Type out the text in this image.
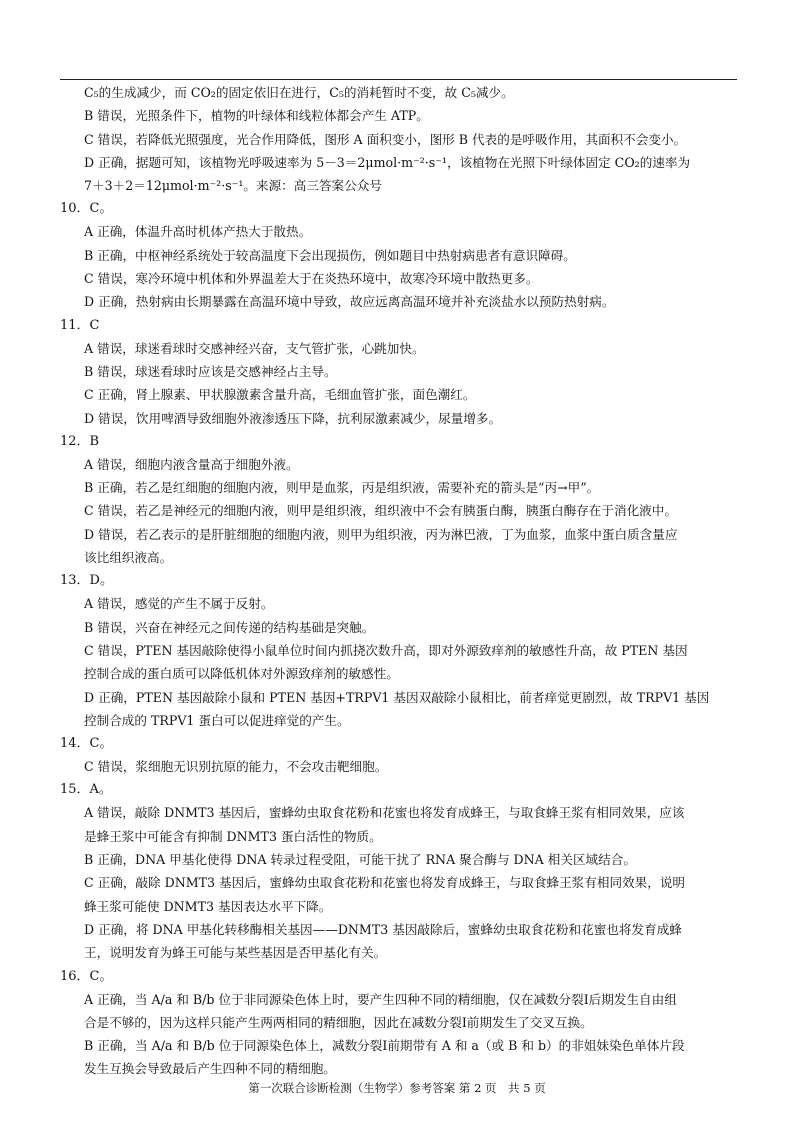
C₅的生成减少，而 CO₂的固定依旧在进行，C₅的消耗暂时不变，故 C₅减少。
B 错误，光照条件下，植物的叶绿体和线粒体都会产生 ATP。
C 错误，若降低光照强度，光合作用降低，图形 A 面积变小，图形 B 代表的是呼吸作用，其面积不会变小。
D 正确，据题可知，该植物光呼吸速率为 5－3＝2μmol·m⁻²·s⁻¹，该植物在光照下叶绿体固定 CO₂的速率为
7＋3＋2＝12μmol·m⁻²·s⁻¹。来源：高三答案公众号
10．C。
A 正确，体温升高时机体产热大于散热。
B 正确，中枢神经系统处于较高温度下会出现损伤，例如题目中热射病患者有意识障碍。
C 错误，寒冷环境中机体和外界温差大于在炎热环境中，故寒冷环境中散热更多。
D 正确，热射病由长期暴露在高温环境中导致，故应远离高温环境并补充淡盐水以预防热射病。
11．C
A 错误，球迷看球时交感神经兴奋，支气管扩张，心跳加快。
B 错误，球迷看球时应该是交感神经占主导。
C 正确，肾上腺素、甲状腺激素含量升高，毛细血管扩张，面色潮红。
D 错误，饮用啤酒导致细胞外液渗透压下降，抗利尿激素减少，尿量增多。
12．B
A 错误，细胞内液含量高于细胞外液。
B 正确，若乙是红细胞的细胞内液，则甲是血浆，丙是组织液，需要补充的箭头是“丙→甲”。
C 错误，若乙是神经元的细胞内液，则甲是组织液，组织液中不会有胰蛋白酶，胰蛋白酶存在于消化液中。
D 错误，若乙表示的是肝脏细胞的细胞内液，则甲为组织液，丙为淋巴液，丁为血浆，血浆中蛋白质含量应
该比组织液高。
13．D。
A 错误，感觉的产生不属于反射。
B 错误，兴奋在神经元之间传递的结构基础是突触。
C 错误，PTEN 基因敲除使得小鼠单位时间内抓挠次数升高，即对外源致痒剂的敏感性升高，故 PTEN 基因
控制合成的蛋白质可以降低机体对外源致痒剂的敏感性。
D 正确，PTEN 基因敲除小鼠和 PTEN 基因+TRPV1 基因双敲除小鼠相比，前者痒觉更剧烈，故 TRPV1 基因
控制合成的 TRPV1 蛋白可以促进痒觉的产生。
14．C。
C 错误，浆细胞无识别抗原的能力，不会攻击靶细胞。
15．A。
A 错误，敲除 DNMT3 基因后，蜜蜂幼虫取食花粉和花蜜也将发育成蜂王，与取食蜂王浆有相同效果，应该
是蜂王浆中可能含有抑制 DNMT3 蛋白活性的物质。
B 正确，DNA 甲基化使得 DNA 转录过程受阻，可能干扰了 RNA 聚合酶与 DNA 相关区域结合。
C 正确，敲除 DNMT3 基因后，蜜蜂幼虫取食花粉和花蜜也将发育成蜂王，与取食蜂王浆有相同效果，说明
蜂王浆可能使 DNMT3 基因表达水平下降。
D 正确，将 DNA 甲基化转移酶相关基因——DNMT3 基因敲除后，蜜蜂幼虫取食花粉和花蜜也将发育成蜂
王，说明发育为蜂王可能与某些基因是否甲基化有关。
16．C。
A 正确，当 A/a 和 B/b 位于非同源染色体上时，要产生四种不同的精细胞，仅在减数分裂Ⅰ后期发生自由组
合是不够的，因为这样只能产生两两相同的精细胞，因此在减数分裂Ⅰ前期发生了交叉互换。
B 正确，当 A/a 和 B/b 位于同源染色体上，减数分裂Ⅰ前期带有 A 和 a（或 B 和 b）的非姐妹染色单体片段
发生互换会导致最后产生四种不同的精细胞。
第一次联合诊断检测（生物学）参考答案 第 2 页　共 5 页
